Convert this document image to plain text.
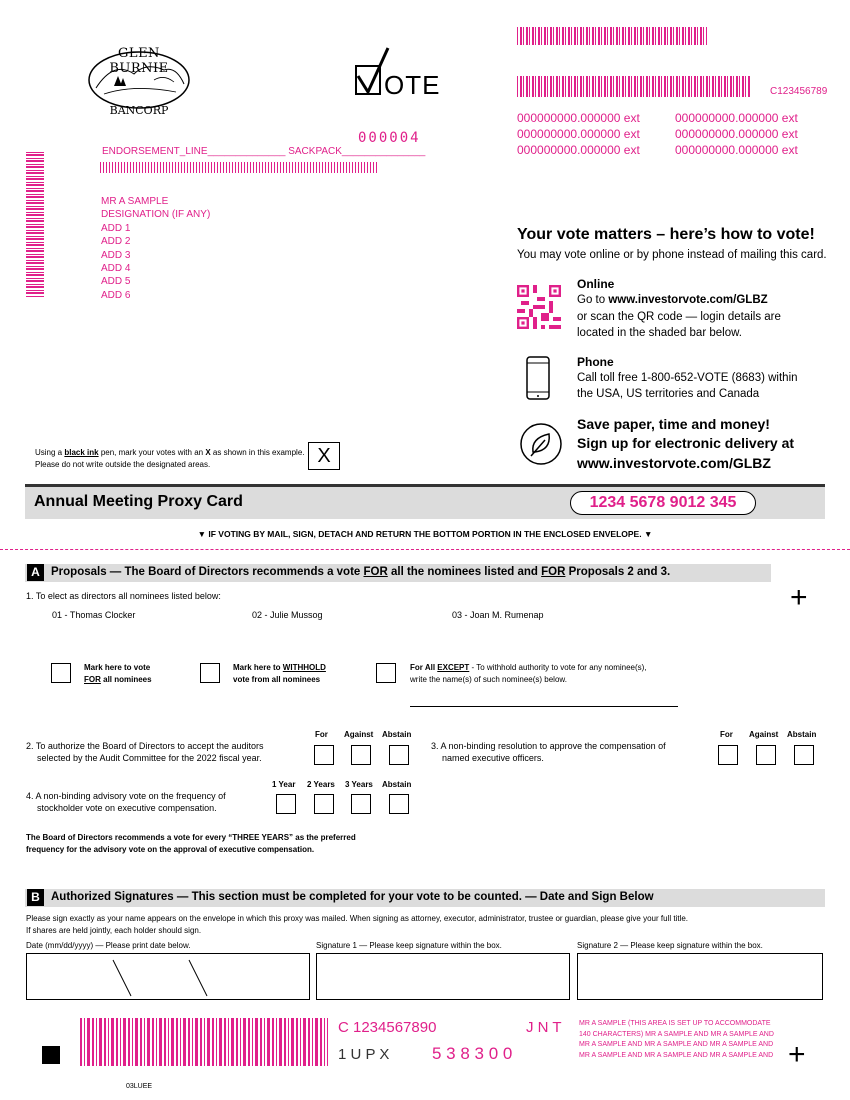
GLEN BURNIE
BANCORP
OTE	C123456789
000000000.000000 ext	000000000.000000 ext
000000000.000000 ext	000000000.000000 ext
000000000.000000 ext	000000000.000000 ext
000004
ENDORSEMENT_LINE______________ SACKPACK_______________
MR A SAMPLE
DESIGNATION (IF ANY)
ADD 1
ADD 2
ADD 3
ADD 4
ADD 5
ADD 6
Your vote matters – here’s how to vote!
You may vote online or by phone instead of mailing this card.
Online
Go to www.investorvote.com/GLBZ
or scan the QR code — login details are
located in the shaded bar below.
Phone
Call toll free 1-800-652-VOTE (8683) within
the USA, US territories and Canada
Save paper, time and money!
Sign up for electronic delivery at
www.investorvote.com/GLBZ
Using a black ink pen, mark your votes with an X as shown in this example.
Please do not write outside the designated areas.	X
Annual Meeting Proxy Card	1234 5678 9012 345
▼ IF VOTING BY MAIL, SIGN, DETACH AND RETURN THE BOTTOM PORTION IN THE ENCLOSED ENVELOPE. ▼
A Proposals — The Board of Directors recommends a vote FOR all the nominees listed and FOR Proposals 2 and 3.
+
1. To elect as directors all nominees listed below:
01 - Thomas Clocker	02 - Julie Mussog	03 - Joan M. Rumenap
Mark here to vote
FOR all nominees
Mark here to WITHHOLD
vote from all nominees
For All EXCEPT - To withhold authority to vote for any nominee(s),
write the name(s) of such nominee(s) below.
For Against Abstain
2. To authorize the Board of Directors to accept the auditors
selected by the Audit Committee for the 2022 fiscal year.
For Against Abstain
3. A non-binding resolution to approve the compensation of
named executive officers.
1 Year 2 Years 3 Years Abstain
4. A non-binding advisory vote on the frequency of
stockholder vote on executive compensation.
The Board of Directors recommends a vote for every “THREE YEARS” as the preferred
frequency for the advisory vote on the approval of executive compensation.
B Authorized Signatures — This section must be completed for your vote to be counted. — Date and Sign Below
Please sign exactly as your name appears on the envelope in which this proxy was mailed. When signing as attorney, executor, administrator, trustee or guardian, please give your full title.
If shares are held jointly, each holder should sign.
Date (mm/dd/yyyy) — Please print date below.	Signature 1 — Please keep signature within the box.	Signature 2 — Please keep signature within the box.
C 1234567890	J N T
1 U P X	5 3 8 3 0 0
MR A SAMPLE (THIS AREA IS SET UP TO ACCOMMODATE
140 CHARACTERS) MR A SAMPLE AND MR A SAMPLE AND
MR A SAMPLE AND MR A SAMPLE AND MR A SAMPLE AND
MR A SAMPLE AND MR A SAMPLE AND MR A SAMPLE AND +
03LUEE
